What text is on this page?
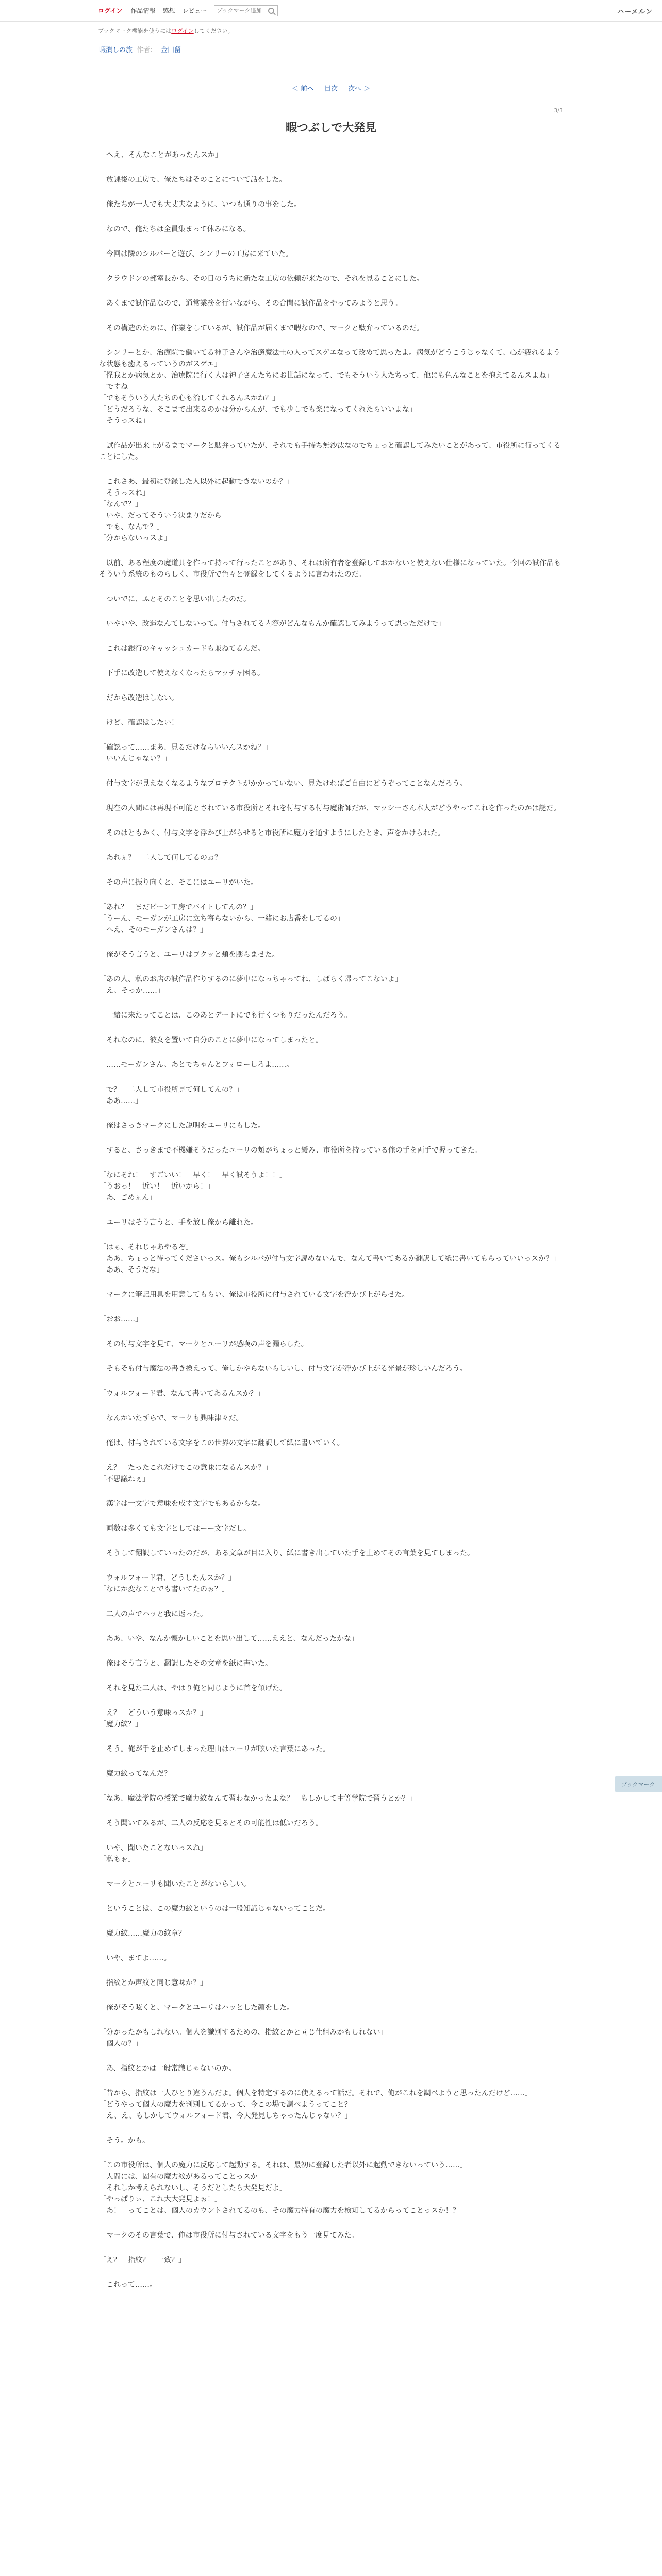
ログイン 作品情報 感想 レビュー
ブックマーク追加	ハーメルン
ブックマーク機能を使うにはログインしてください。
暇潰しの旅 作者： 金田留
＜ 前へ 目次 次へ ＞
3/3
暇つぶしで大発見
「へえ、そんなことがあったんスか」
放課後の工房で、俺たちはそのことについて話をした。
俺たちが一人でも大丈夫なように、いつも通りの事をした。
なので、俺たちは全員集まって休みになる。
今回は隣のシルバーと遊び、シンリーの工房に来ていた。
クラウドンの部室長から、その日のうちに新たな工房の依頼が来たので、それを見ることにした。
あくまで試作品なので、通常業務を行いながら、その合間に試作品をやってみようと思う。
その構造のために、作業をしているが、試作品が届くまで暇なので、マークと駄弁っているのだ。
「シンリーとか、治療院で働いてる神子さんや治癒魔法士の人ってスゲエなって改めて思ったよ。病気がどうこうじゃなくて、心が疲れるような状態も癒えるっていうのがスゲエ」
「怪我とか病気とか、治療院に行く人は神子さんたちにお世話になって、でもそういう人たちって、他にも色んなことを抱えてるんスよね」
「ですね」
「でもそういう人たちの心も治してくれるんスかね？」
「どうだろうな、そこまで出来るのかは分からんが、でも少しでも楽になってくれたらいいよな」
「そうっスね」
試作品が出来上がるまでマークと駄弁っていたが、それでも手持ち無沙汰なのでちょっと確認してみたいことがあって、市役所に行ってくることにした。
「これさあ、最初に登録した人以外に起動できないのか？」
「そうっスね」
「なんで？」
「いや、だってそういう決まりだから」
「でも、なんで？」
「分からないっスよ」
以前、ある程度の魔道具を作って持って行ったことがあり、それは所有者を登録しておかないと使えない仕様になっていた。今回の試作品もそういう系統のものらしく、市役所で色々と登録をしてくるように言われたのだ。
ついでに、ふとそのことを思い出したのだ。
「いやいや、改造なんてしないって。付与されてる内容がどんなもんか確認してみようって思っただけで」
これは銀行のキャッシュカードも兼ねてるんだ。
下手に改造して使えなくなったらマッチャ困る。
だから改造はしない。
けど、確認はしたい！
「確認って……まあ、見るだけならいいんスかね？」
「いいんじゃない？」
付与文字が見えなくなるようなプロテクトがかかっていない、見たければご自由にどうぞってことなんだろう。
現在の人間には再現不可能とされている市役所とそれを付与する付与魔術師だが、マッシーさん本人がどうやってこれを作ったのかは謎だ。
そのはともかく、付与文字を浮かび上がらせると市役所に魔力を通すようにしたとき、声をかけられた。
「あれぇ？　二人して何してるのぉ？」
その声に振り向くと、そこにはユーリがいた。
「あれ？　まだビーン工房でバイトしてんの？」
「うーん、モーガンが工房に立ち寄らないから、一緒にお店番をしてるの」
「へえ、そのモーガンさんは？」
俺がそう言うと、ユーリはプクッと頬を膨らませた。
「あの人、私のお店の試作品作りするのに夢中になっちゃってね、しばらく帰ってこないよ」
「え、そっか……」
一緒に来たってことは、このあとデートにでも行くつもりだったんだろう。
それなのに、彼女を置いて自分のことに夢中になってしまったと。
……モーガンさん、あとでちゃんとフォローしろよ……。
「で？　二人して市役所見て何してんの？」
「ああ……」
俺はさっきマークにした説明をユーリにもした。
すると、さっきまで不機嫌そうだったユーリの頬がちょっと緩み、市役所を持っている俺の手を両手で握ってきた。
「なにそれ！　すごいい！　早く！　早く試そうよ！！」
「うおっ！　近い！　近いから！」
「あ、ごめぇん」
ユーリはそう言うと、手を放し俺から離れた。
「はぁ、それじゃあやるぞ」
「ああ、ちょっと待ってくださいっス。俺もシルバが付与文字読めないんで、なんて書いてあるか翻訳して紙に書いてもらっていいっスか？」
「ああ、そうだな」
マークに筆記用具を用意してもらい、俺は市役所に付与されている文字を浮かび上がらせた。
「おお……」
その付与文字を見て、マークとユーリが感嘆の声を漏らした。
そもそも付与魔法の書き換えって、俺しかやらないらしいし、付与文字が浮かび上がる光景が珍しいんだろう。
「ウォルフォード君、なんて書いてあるんスか？」
なんかいたずらで、マークも興味津々だ。
俺は、付与されている文字をこの世界の文字に翻訳して紙に書いていく。
「え？　たったこれだけでこの意味になるんスか？」
「不思議ねぇ」
漢字は一文字で意味を成す文字でもあるからな。
画数は多くても文字としてはーー文字だし。
そうして翻訳していったのだが、ある文章が目に入り、紙に書き出していた手を止めてその言葉を見てしまった。
「ウォルフォード君、どうしたんスか？」
「なにか変なことでも書いてたのぉ？」
二人の声でハッと我に返った。
「ああ、いや、なんか懐かしいことを思い出して……ええと、なんだったかな」
俺はそう言うと、翻訳したその文章を紙に書いた。
それを見た二人は、やはり俺と同じように首を傾げた。
「え？　どういう意味っスか？」
「魔力紋？」
そう。俺が手を止めてしまった理由はユーリが呟いた言葉にあった。
魔力紋ってなんだ？
「なあ、魔法学院の授業で魔力紋なんて習わなかったよな？　もしかして中等学院で習うとか？」
そう聞いてみるが、二人の反応を見るとその可能性は低いだろう。
「いや、聞いたことないっスね」
「私もぉ」
マークとユーリも聞いたことがないらしい。
ということは、この魔力紋というのは一般知識じゃないってことだ。
魔力紋……魔力の紋章？
いや、まてよ……。
「指紋とか声紋と同じ意味か？」
俺がそう呟くと、マークとユーリはハッとした顔をした。
「分かったかもしれない。個人を識別するための、指紋とかと同じ仕組みかもしれない」
「個人の？」
あ、指紋とかは一般常識じゃないのか。
「昔から、指紋は一人ひとり違うんだよ。個人を特定するのに使えるって話だ。それで、俺がこれを調べようと思ったんだけど……」
「どうやって個人の魔力を判別してるかって、今この場で調べようってこと？」
「え、え、もしかしてウォルフォード君、今大発見しちゃったんじゃない？」
そう。かも。
「この市役所は、個人の魔力に反応して起動する。それは、最初に登録した者以外に起動できないっていう……」
「人間には、固有の魔力紋があるってことっスか」
「それしか考えられないし、そうだとしたら大発見だよ」
「やっぱりぃ、これ大大発見よぉ！」
「あ！　ってことは、個人のカウントされてるのも、その魔力特有の魔力を検知してるからってことっスか！？」
マークのその言葉で、俺は市役所に付与されている文字をもう一度見てみた。
「え？　指紋？　一致？」
これって……。
ブックマーク
